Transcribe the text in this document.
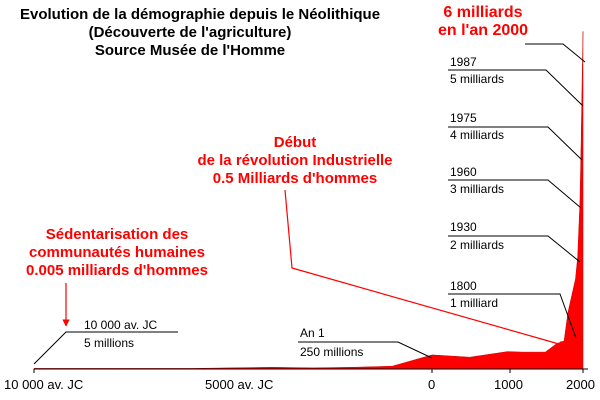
Evolution de la démographie depuis le Néolithique
(Découverte de l'agriculture)
Source Musée de l'Homme
6 milliards
en l'an 2000
Début
de la révolution Industrielle
0.5 Milliards d'hommes
Sédentarisation des
communautés humaines
0.005 milliards d'hommes
10 000 av. JC
5 millions
An 1
250 millions
1800
1 milliard
1930
2 milliards
1960
3 milliards
1975
4 milliards
1987
5 milliards
10 000 av. JC	5000 av. JC	0	1000	2000
